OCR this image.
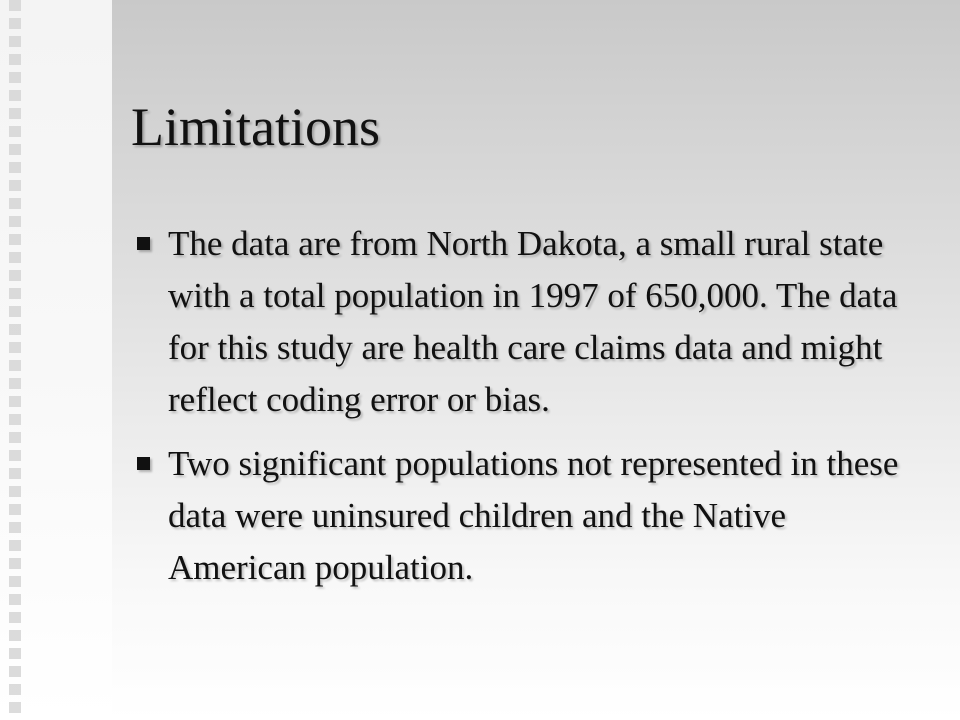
Limitations
The data are from North Dakota, a small rural state with a total population in 1997 of 650,000. The data for this study are health care claims data and might reflect coding error or bias.
Two significant populations not represented in these data were uninsured children and the Native American population.
